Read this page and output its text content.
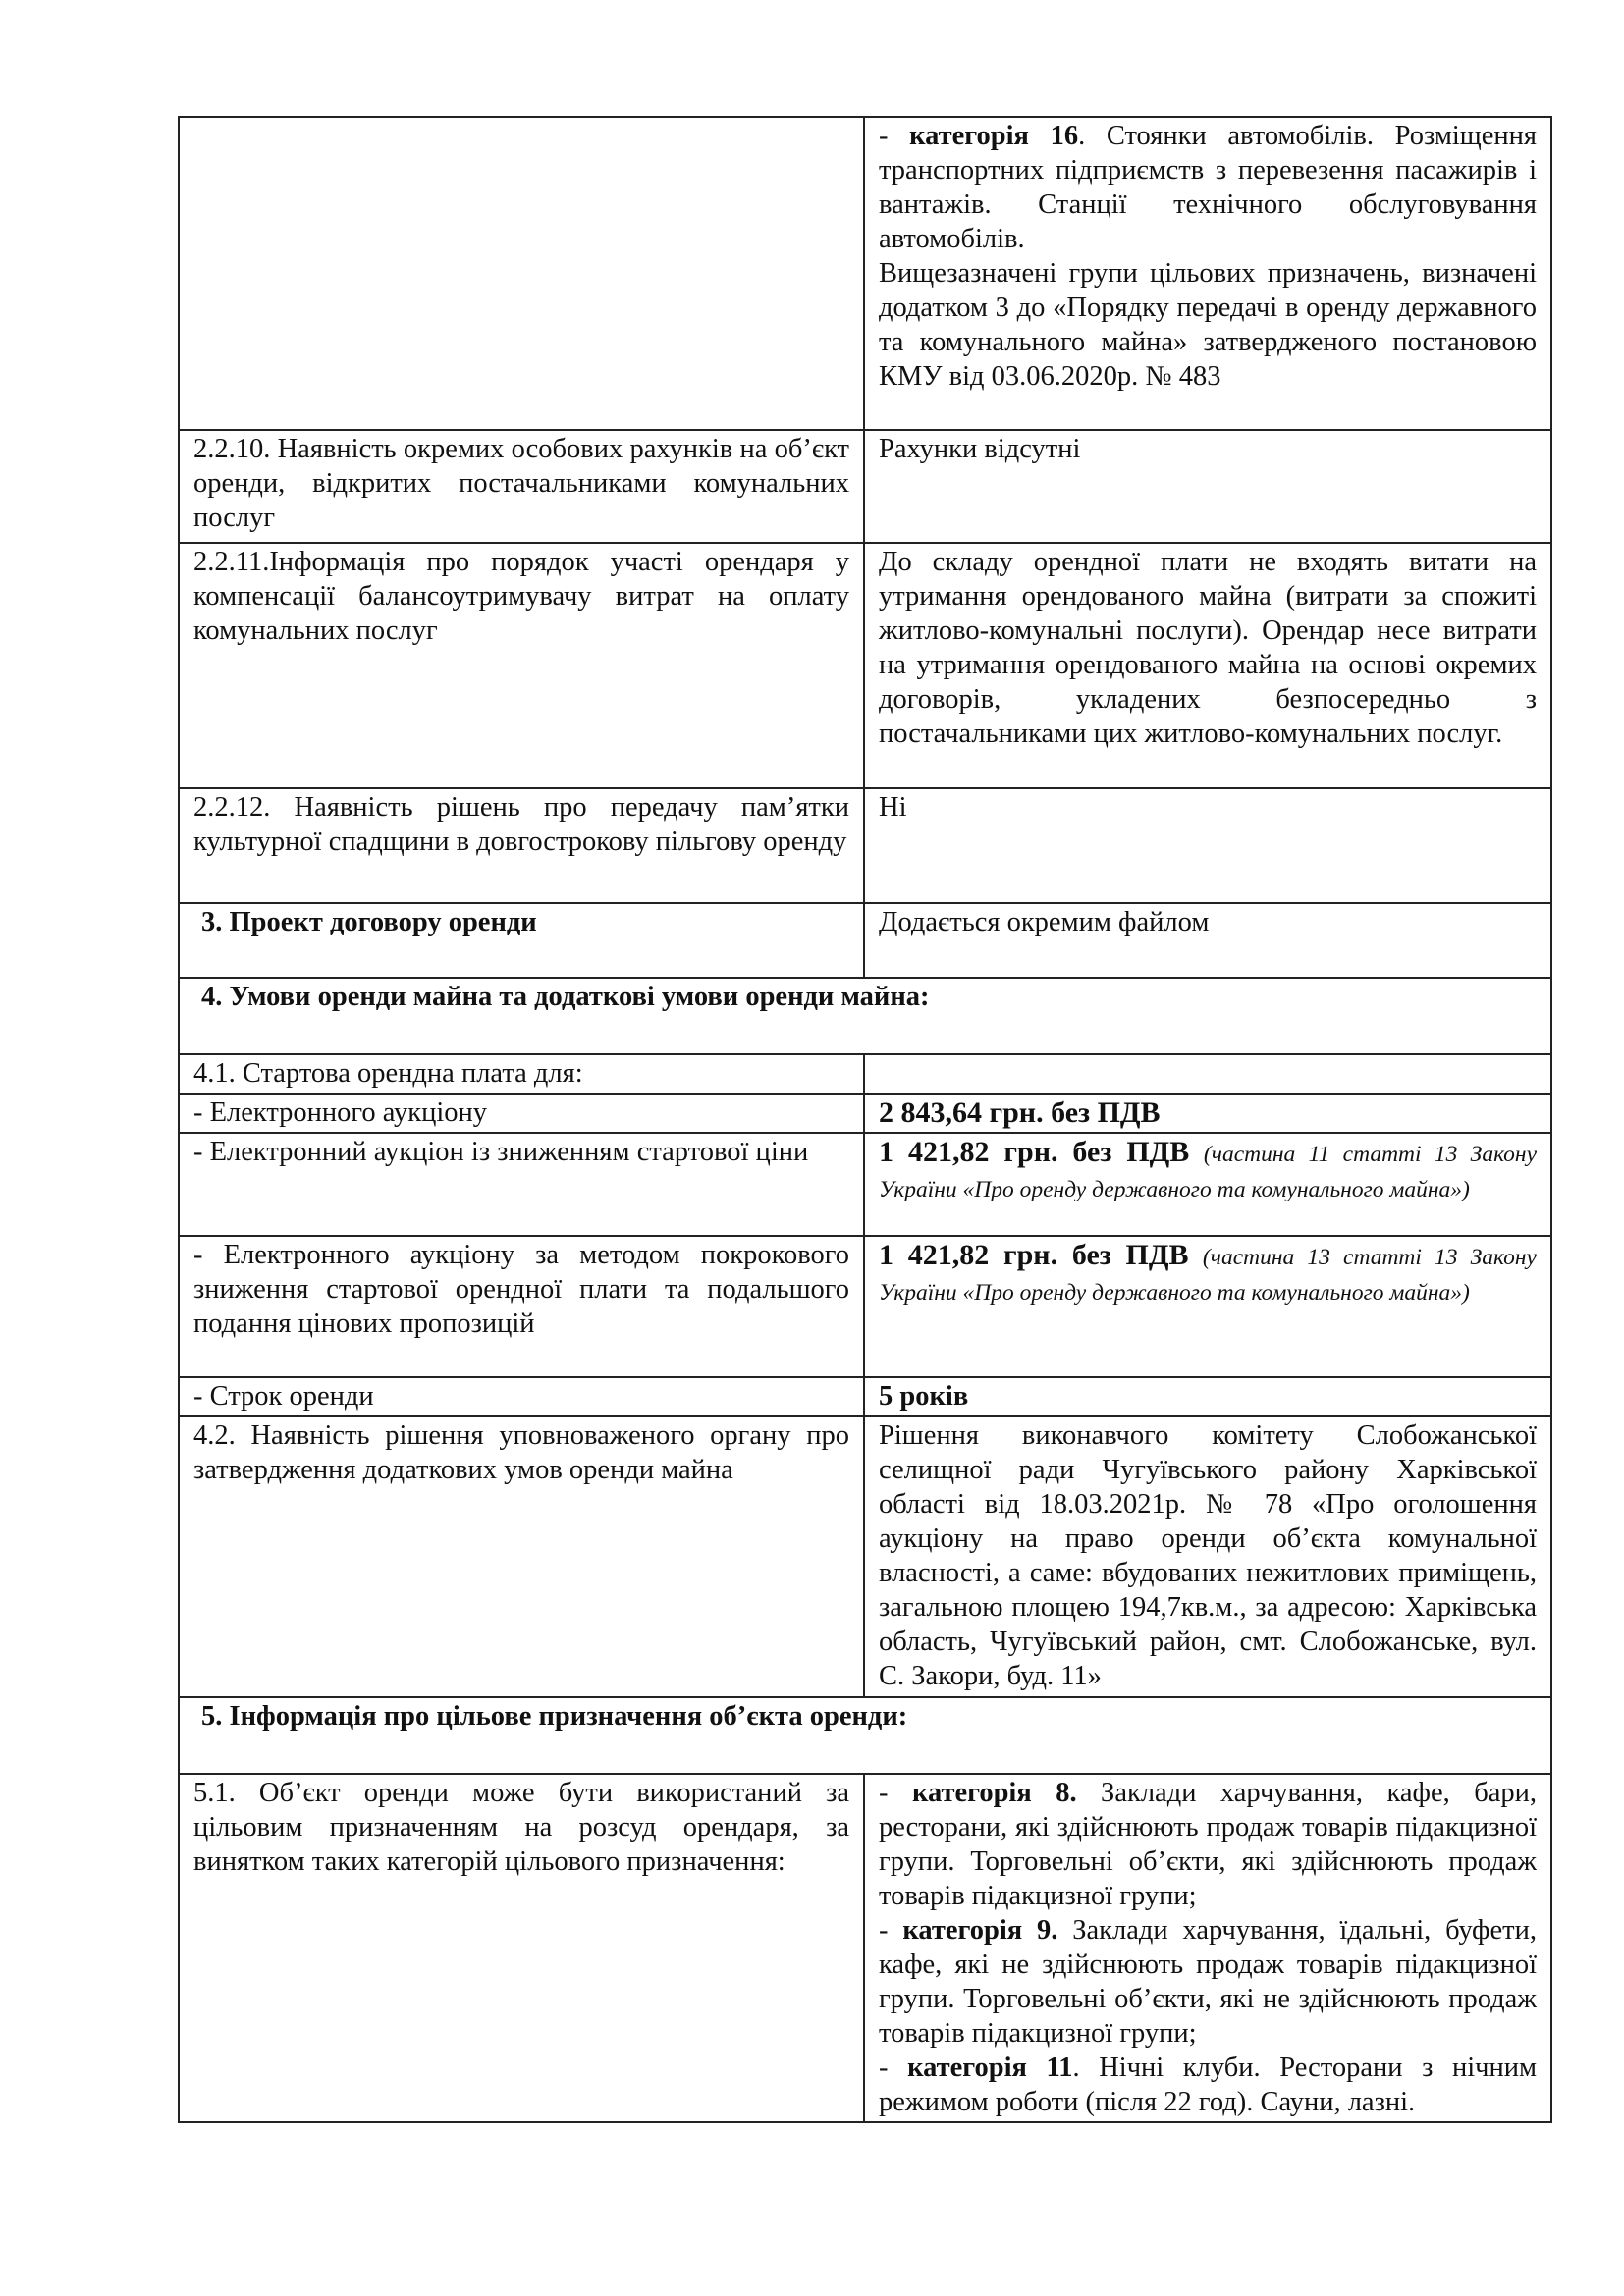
	- категорія 16. Стоянки автомобілів. Розміщення транспортних підприємств з перевезення пасажирів і вантажів. Станції технічного обслуговування автомобілів.

Вищезазначені групи цільових призначень, визначені додатком 3 до «Порядку передачі в оренду державного та комунального майна» затвердженого постановою КМУ від 03.06.2020р. № 483

2.2.10. Наявність окремих особових рахунків на об’єкт оренди, відкритих постачальниками комунальних послуг	Рахунки відсутні
2.2.11.Інформація про порядок участі орендаря у компенсації балансоутримувачу витрат на оплату комунальних послуг	До складу орендної плати не входять витати на утримання орендованого майна (витрати за спожиті житлово-комунальні послуги). Орендар несе витрати на утримання орендованого майна на основі окремих договорів, укладених безпосередньо з постачальниками цих житлово-комунальних послуг.
2.2.12. Наявність рішень про передачу пам’ятки культурної спадщини в довгострокову пільгову оренду	Ні
3. Проект договору оренди	Додається окремим файлом
4. Умови оренди майна та додаткові умови оренди майна:	
4.1. Стартова орендна плата для:	
- Електронного аукціону	2 843,64 грн. без ПДВ
- Електронний аукціон із зниженням стартової ціни	1 421,82 грн. без ПДВ (частина 11 статті 13 Закону України «Про оренду державного та комунального майна»)
- Електронного аукціону за методом покрокового зниження стартової орендної плати та подальшого подання цінових пропозицій	1 421,82 грн. без ПДВ (частина 13 статті 13 Закону України «Про оренду державного та комунального майна»)
- Строк оренди	5 років
4.2. Наявність рішення уповноваженого органу про затвердження додаткових умов оренди майна	Рішення виконавчого комітету Слобожанської селищної ради Чугуївського району Харківської області від 18.03.2021р. № 78 «Про оголошення аукціону на право оренди об’єкта комунальної власності, а саме: вбудованих нежитлових приміщень, загальною площею 194,7кв.м., за адресою: Харківська область, Чугуївський район, смт. Слобожанське, вул. С. Закори, буд. 11»
5. Інформація про цільове призначення об’єкта оренди:	
5.1. Об’єкт оренди може бути використаний за цільовим призначенням на розсуд орендаря, за винятком таких категорій цільового призначення:	- категорія 8. Заклади харчування, кафе, бари, ресторани, які здійснюють продаж товарів підакцизної групи. Торговельні об’єкти, які здійснюють продаж товарів підакцизної групи;

- категорія 9. Заклади харчування, їдальні, буфети, кафе, які не здійснюють продаж товарів підакцизної групи. Торговельні об’єкти, які не здійснюють продаж товарів підакцизної групи;

- категорія 11. Нічні клуби. Ресторани з нічним режимом роботи (після 22 год). Сауни, лазні.
